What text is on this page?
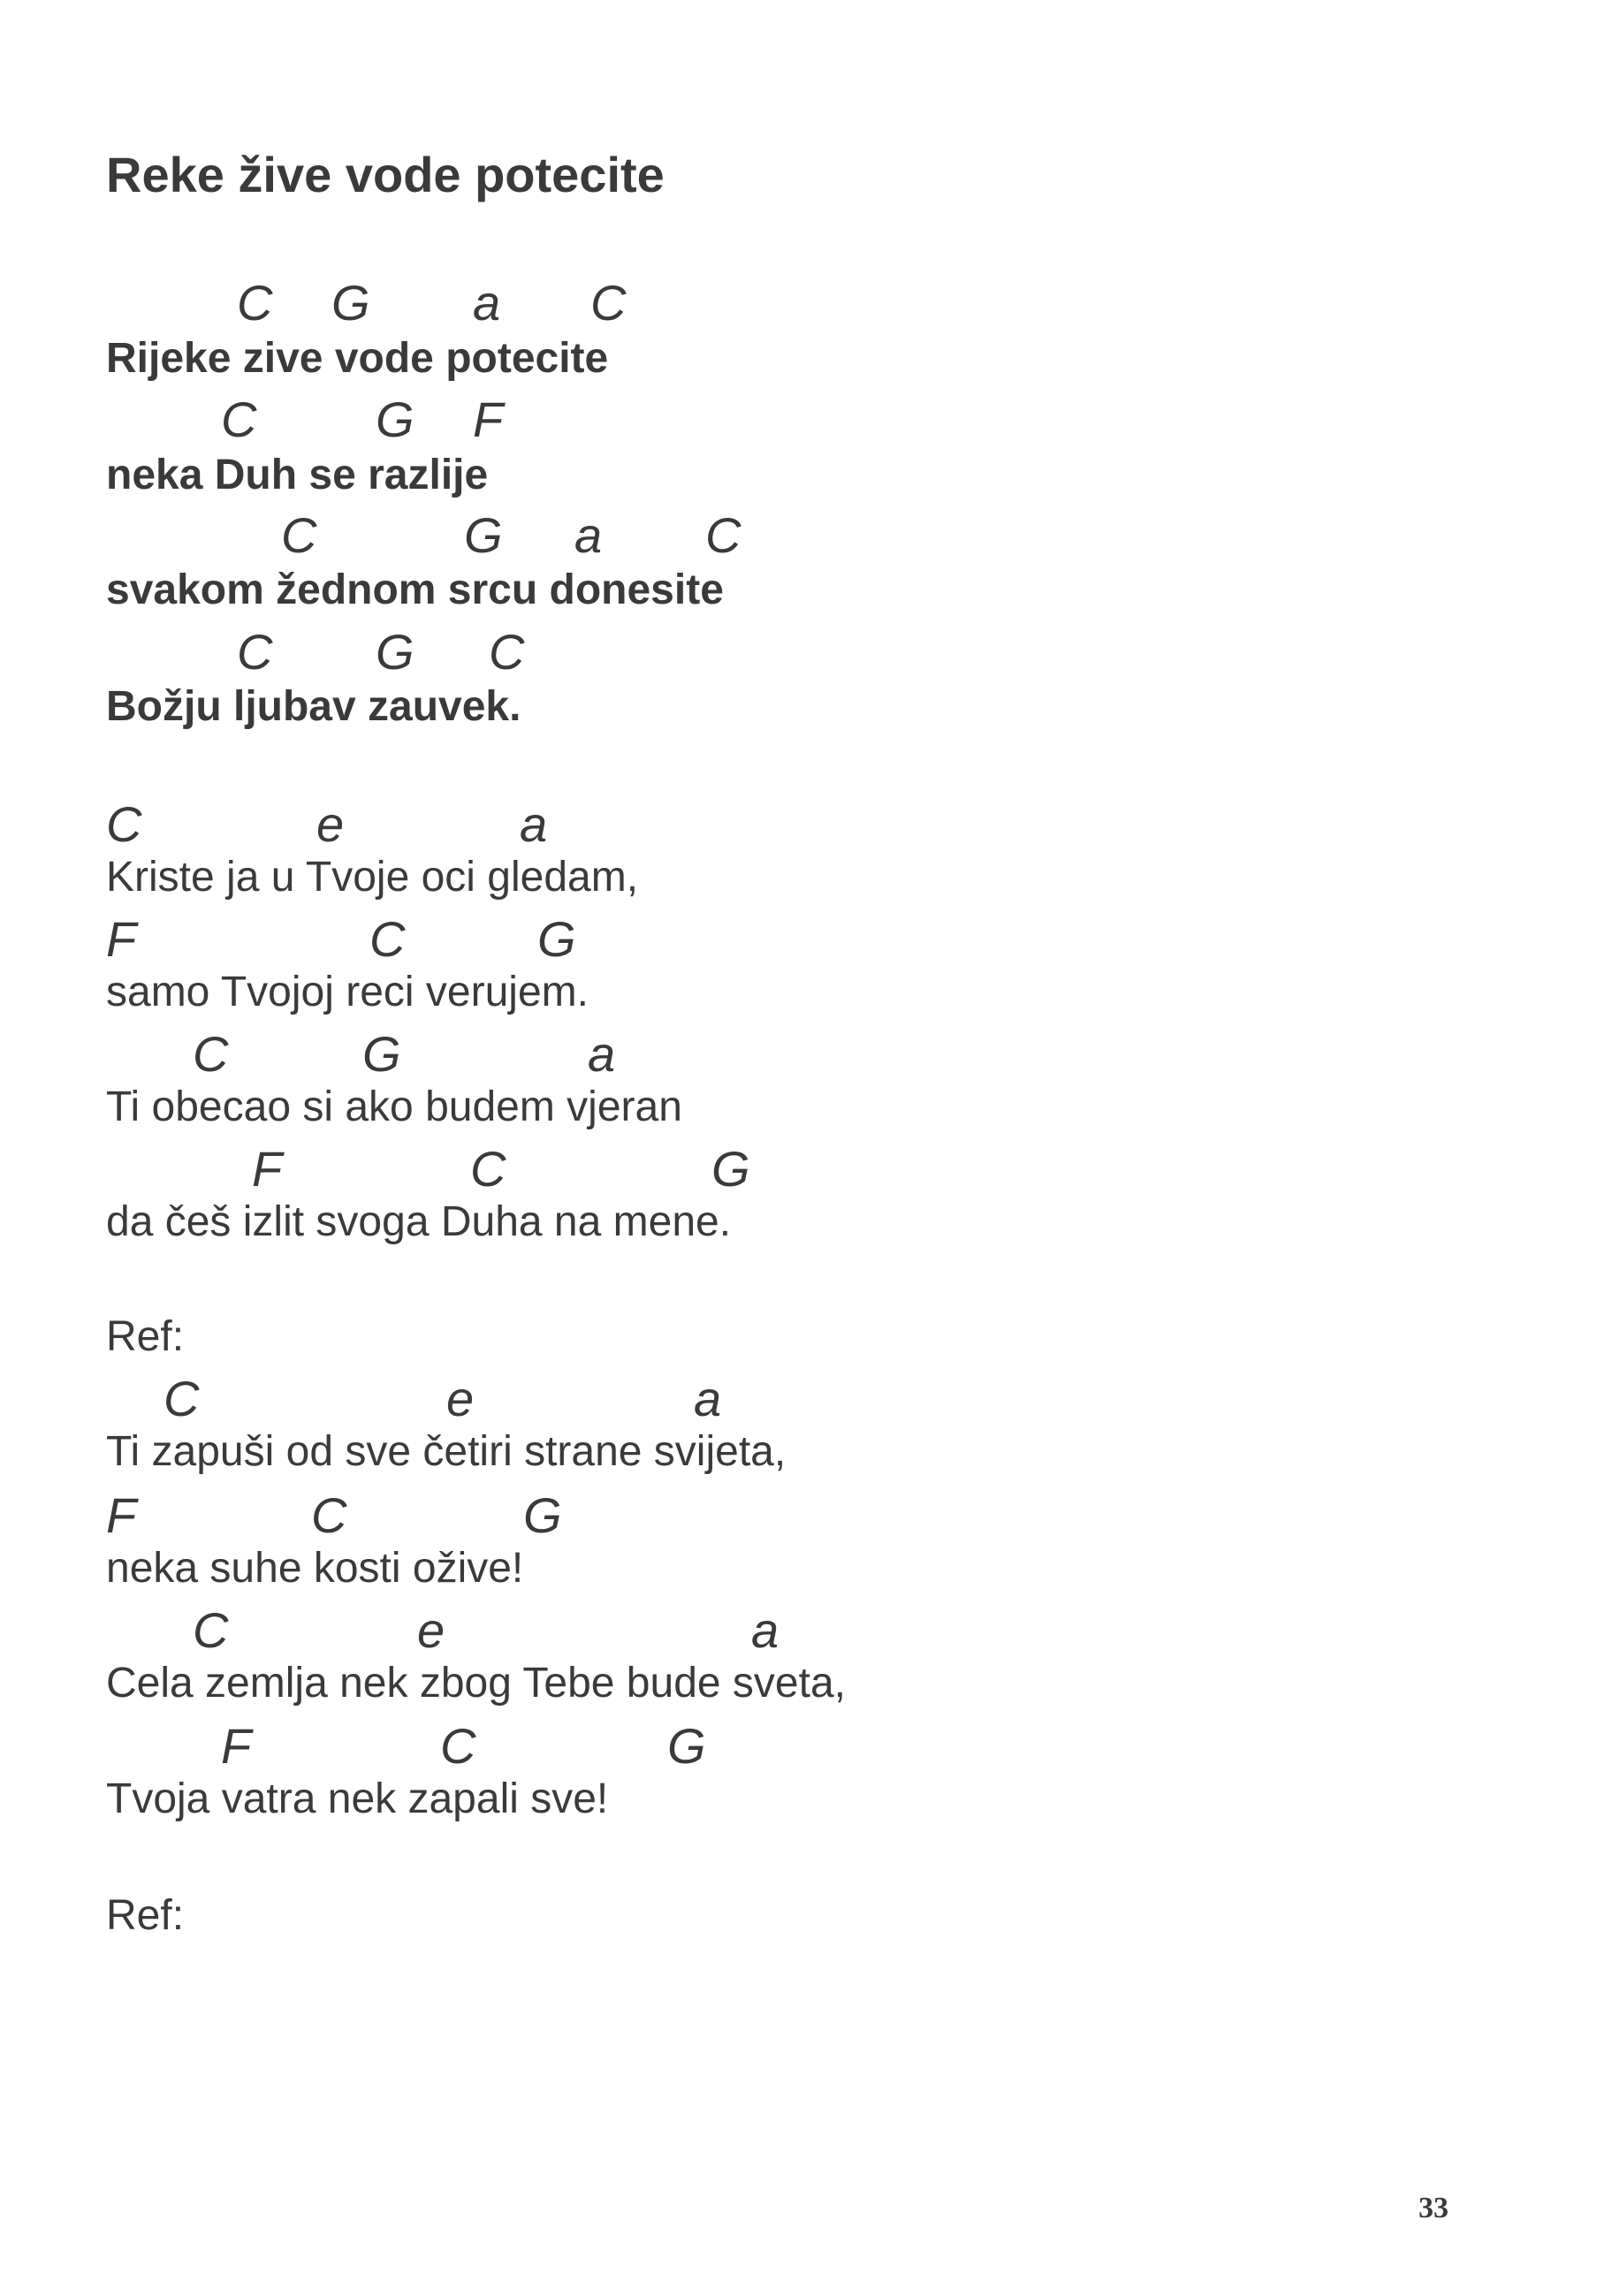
Reke žive vode potecite
C G a C
Rijeke zive vode potecite
C G F
neka Duh se razlije
C	G a C
svakom žednom srcu donesite
C G C
Božju ljubav zauvek.
C	e	a
Kriste ja u Tvoje oci gledam,
F	C	G
samo Tvojoj reci verujem.
C	G	a
Ti obecao si ako budem vjeran
F	C	G
da češ izlit svoga Duha na mene.
Ref:
C	e	a
Ti zapuši od sve četiri strane svijeta,
F	C	G
neka suhe kosti ožive!
C	e	a
Cela zemlja nek zbog Tebe bude sveta,
F	C	G
Tvoja vatra nek zapali sve!
Ref:
33
